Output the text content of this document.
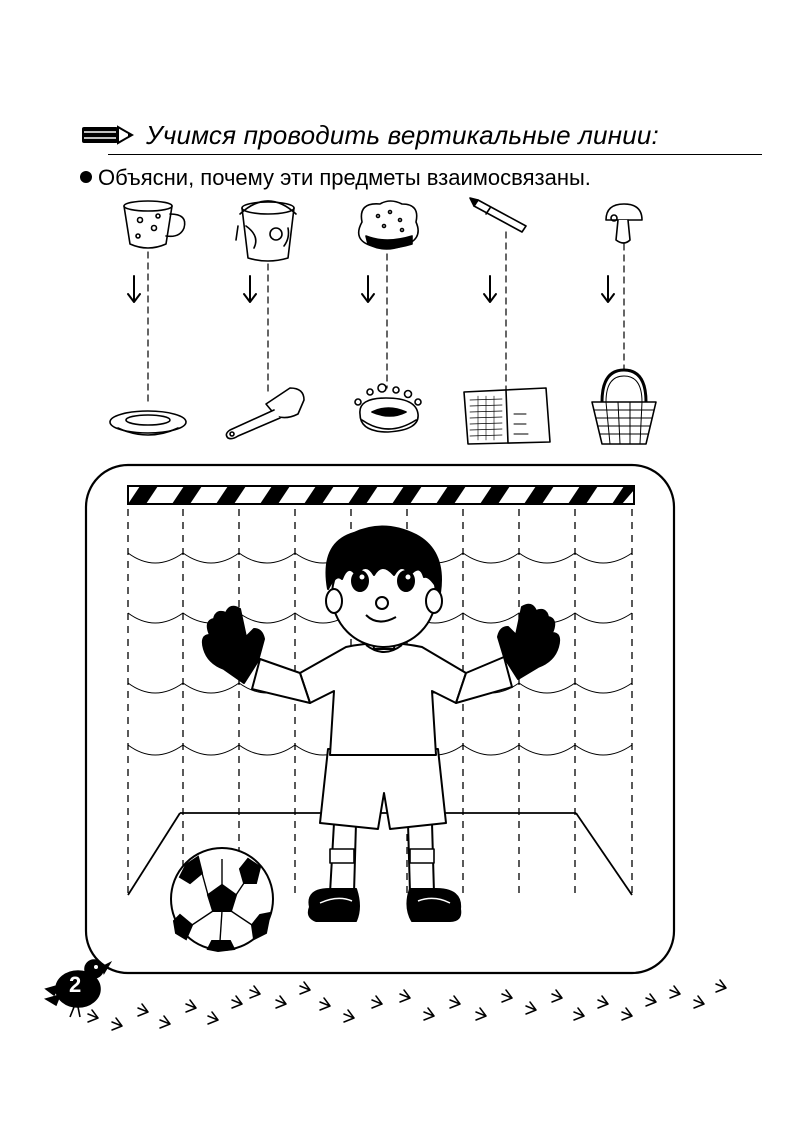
Учимся проводить вертикальные линии:
Объясни, почему эти предметы взаимосвязаны.
2
